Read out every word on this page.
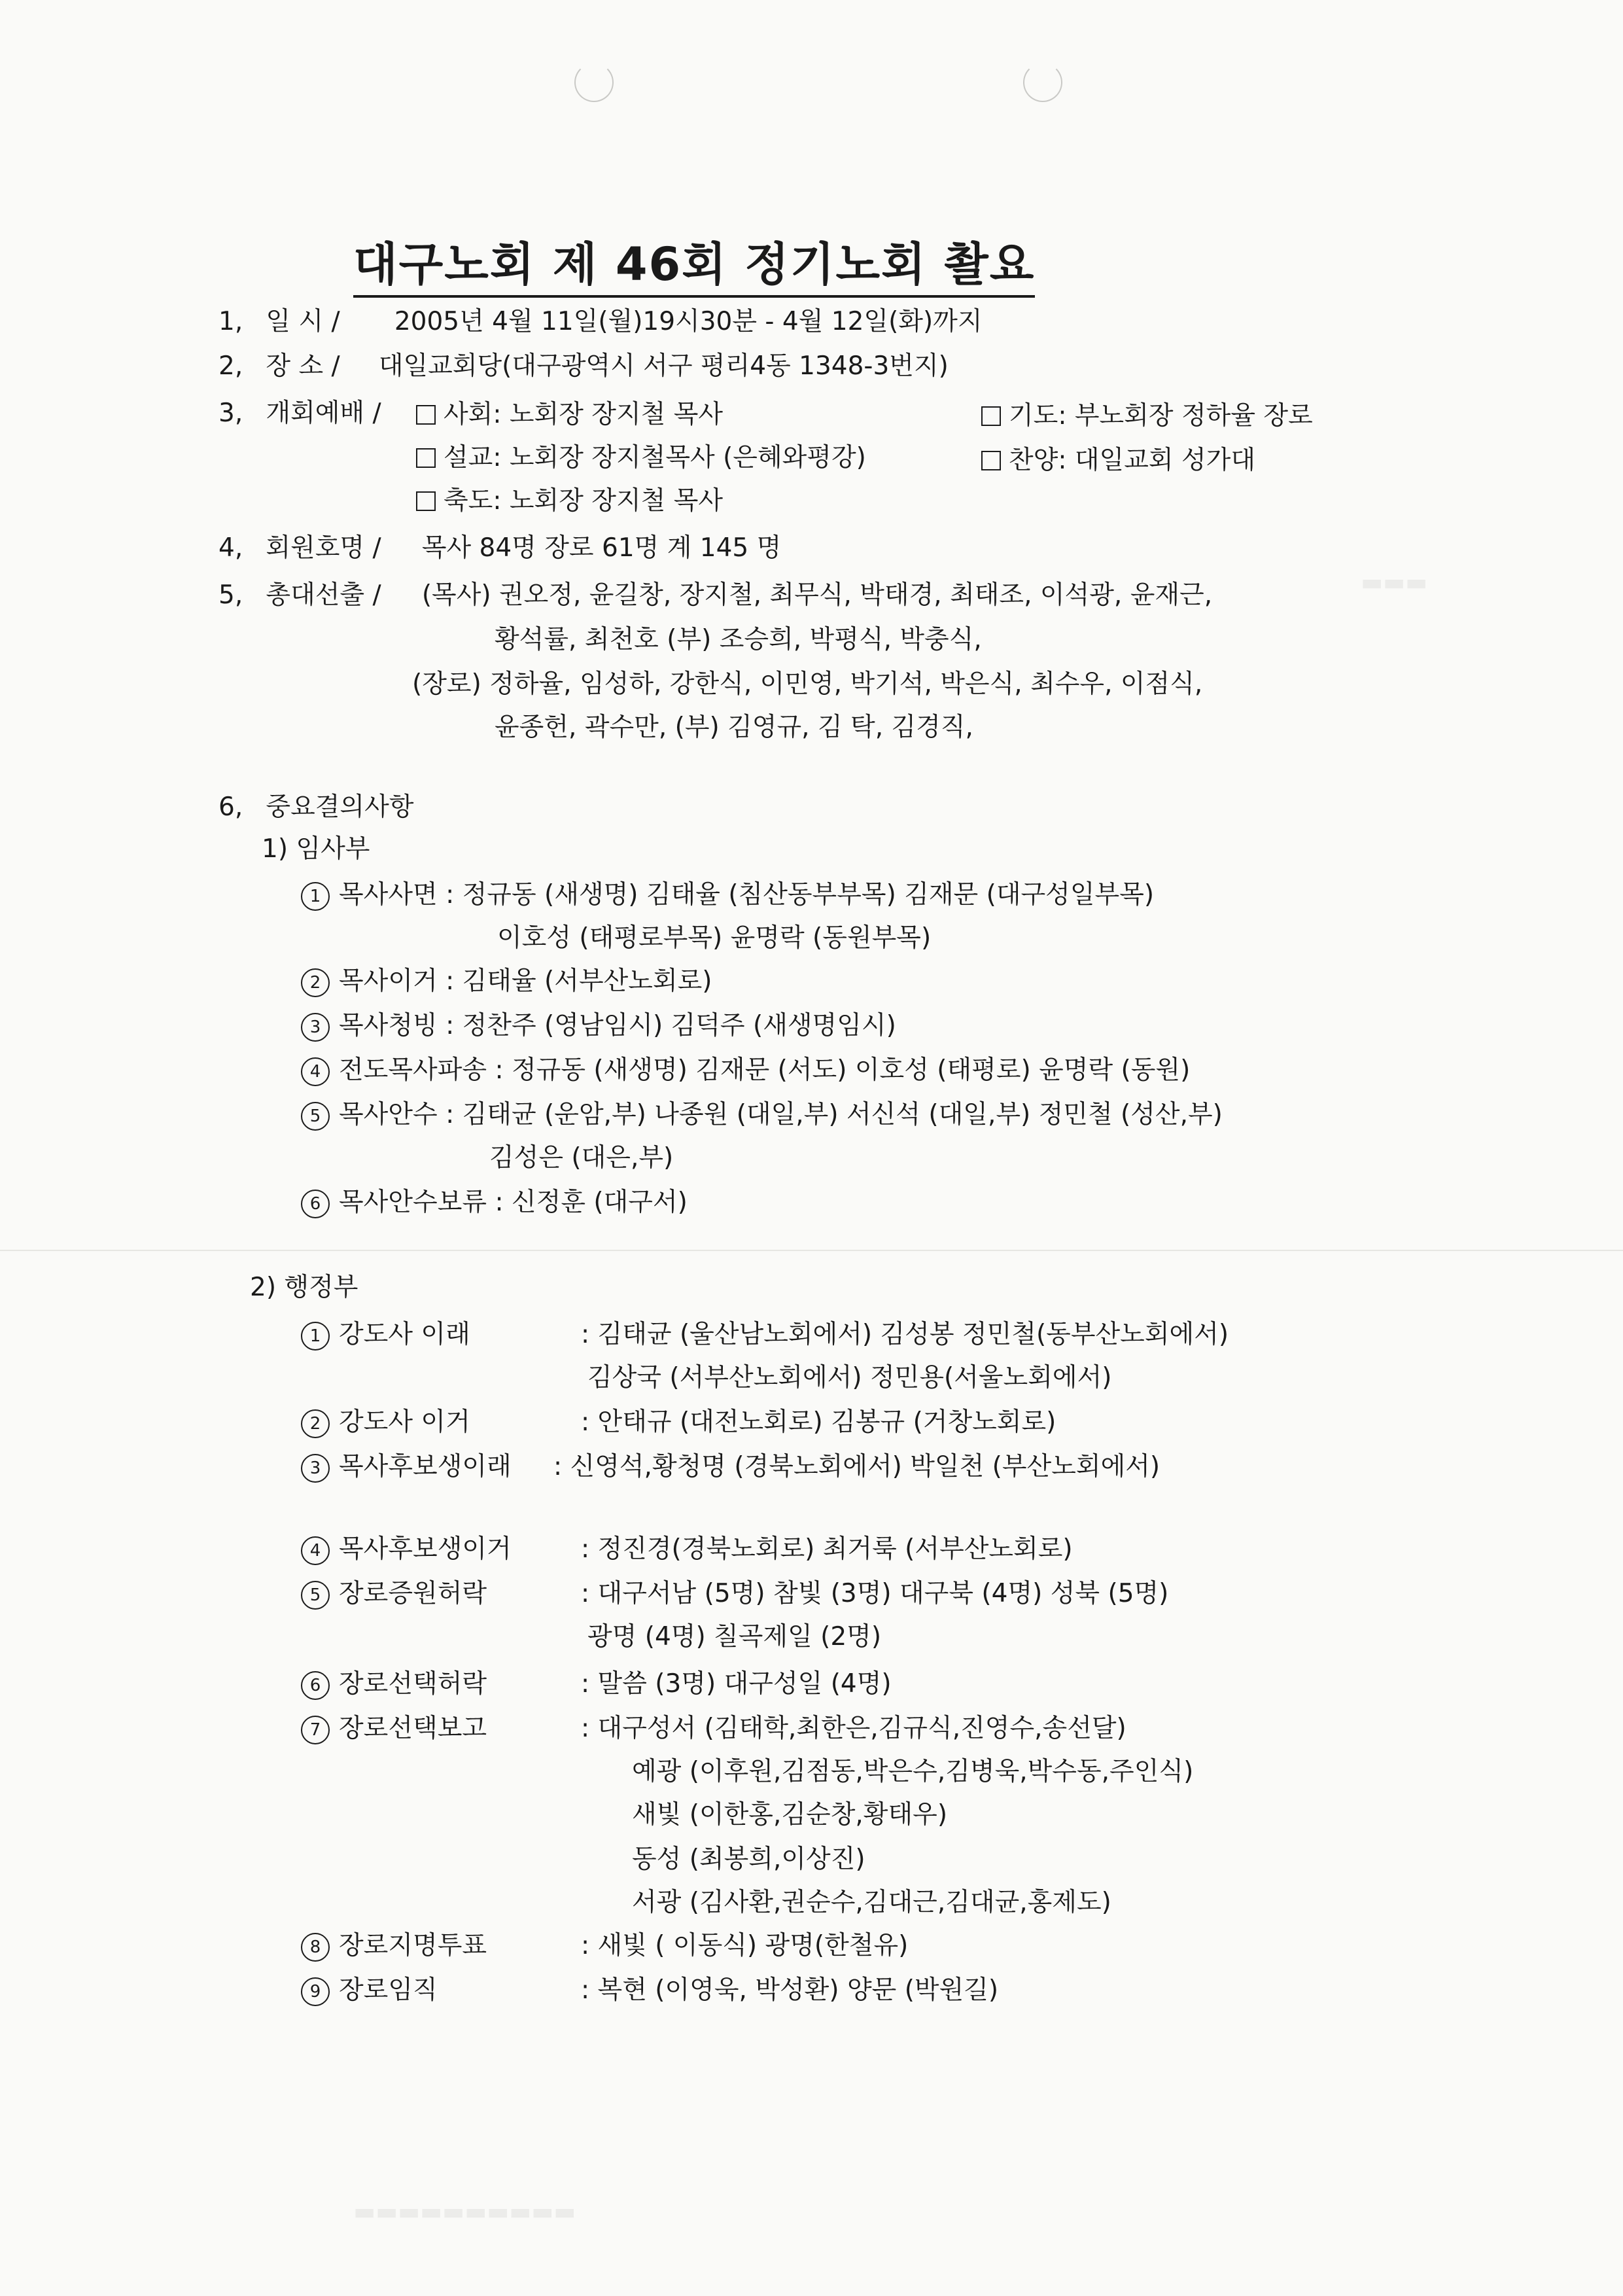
▬▬▬
▬▬▬▬▬▬▬▬▬▬
대구노회 제 46회 정기노회 촬요
1, 일 시 / 2005년 4월 11일(월)19시30분 - 4월 12일(화)까지
2, 장 소 / 대일교회당(대구광역시 서구 평리4동 1348-3번지)
3, 개회예배 /	사회: 노회장 장지철 목사	기도: 부노회장 정하율 장로
설교: 노회장 장지철목사 (은혜와평강)	찬양: 대일교회 성가대
축도: 노회장 장지철 목사
4, 회원호명 / 목사 84명 장로 61명 계 145 명
5, 총대선출 / (목사) 권오정, 윤길창, 장지철, 최무식, 박태경, 최태조, 이석광, 윤재근,
황석률, 최천호 (부) 조승희, 박평식, 박충식,
(장로) 정하율, 임성하, 강한식, 이민영, 박기석, 박은식, 최수우, 이점식,
윤종헌, 곽수만, (부) 김영규, 김 탁, 김경직,
6, 중요결의사항
1) 임사부
1 목사사면 : 정규동 (새생명) 김태율 (침산동부부목) 김재문 (대구성일부목)
이호성 (태평로부목) 윤명락 (동원부목)
2 목사이거 : 김태율 (서부산노회로)
3 목사청빙 : 정찬주 (영남임시) 김덕주 (새생명임시)
4 전도목사파송 : 정규동 (새생명) 김재문 (서도) 이호성 (태평로) 윤명락 (동원)
5 목사안수 : 김태균 (운암,부) 나종원 (대일,부) 서신석 (대일,부) 정민철 (성산,부)
김성은 (대은,부)
6 목사안수보류 : 신정훈 (대구서)
2) 행정부
1 강도사 이래	: 김태균 (울산남노회에서) 김성봉 정민철(동부산노회에서)
김상국 (서부산노회에서) 정민용(서울노회에서)
2 강도사 이거	: 안태규 (대전노회로) 김봉규 (거창노회로)
3 목사후보생이래 : 신영석,황청명 (경북노회에서) 박일천 (부산노회에서)
4 목사후보생이거	: 정진경(경북노회로) 최거룩 (서부산노회로)
5 장로증원허락	: 대구서남 (5명) 참빛 (3명) 대구북 (4명) 성북 (5명)
광명 (4명) 칠곡제일 (2명)
6 장로선택허락	: 말씀 (3명) 대구성일 (4명)
7 장로선택보고	: 대구성서 (김태학,최한은,김규식,진영수,송선달)
예광 (이후원,김점동,박은수,김병욱,박수동,주인식)
새빛 (이한홍,김순창,황태우)
동성 (최봉희,이상진)
서광 (김사환,권순수,김대근,김대균,홍제도)
8 장로지명투표	: 새빛 ( 이동식) 광명(한철유)
9 장로임직	: 복현 (이영욱, 박성환) 양문 (박원길)
